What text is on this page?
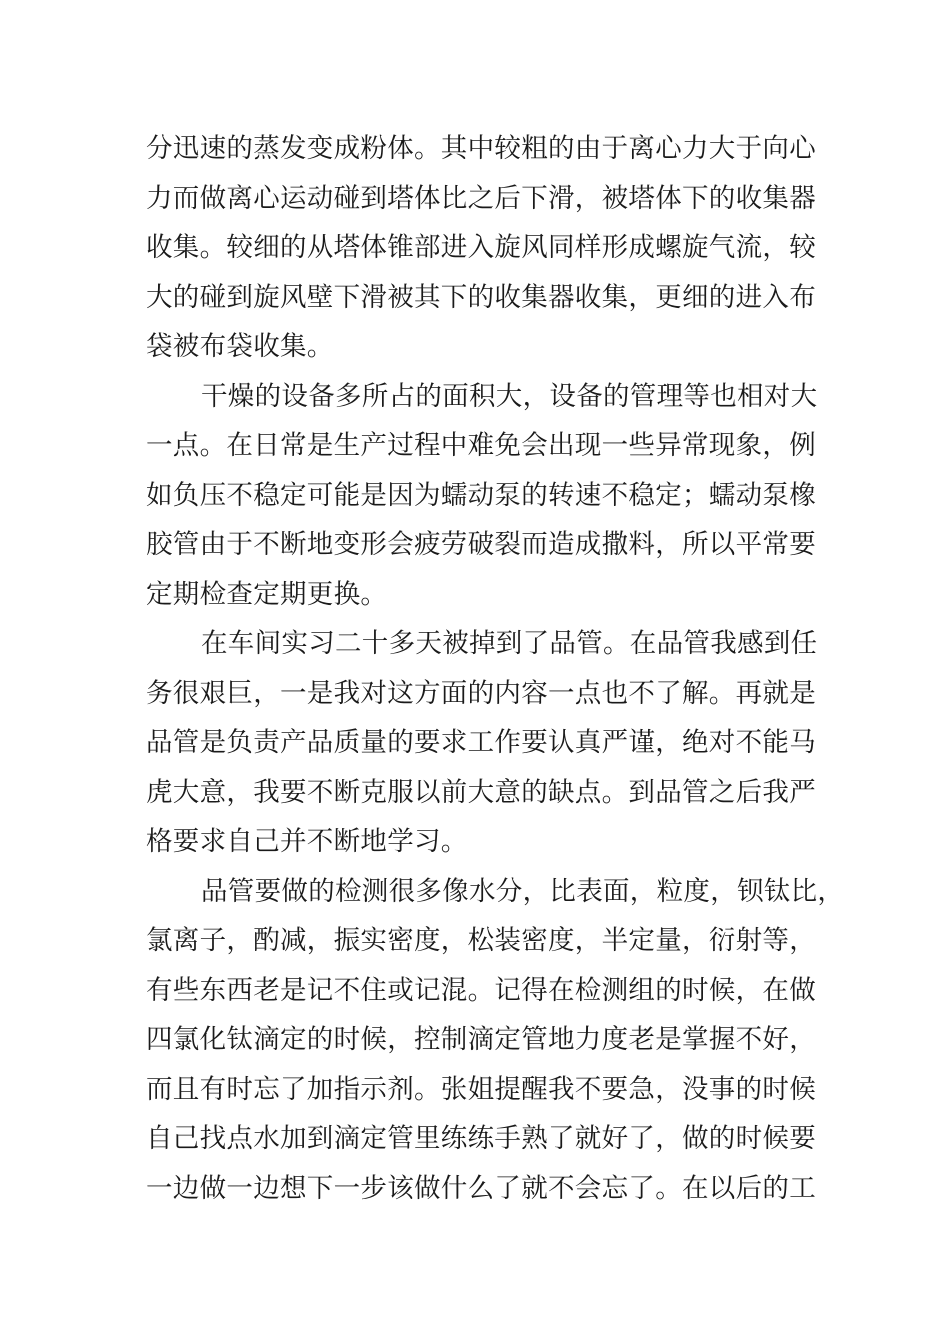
分迅速的蒸发变成粉体。其中较粗的由于离心力大于向心
力而做离心运动碰到塔体比之后下滑，被塔体下的收集器
收集。较细的从塔体锥部进入旋风同样形成螺旋气流，较
大的碰到旋风壁下滑被其下的收集器收集，更细的进入布
袋被布袋收集。
干燥的设备多所占的面积大，设备的管理等也相对大
一点。在日常是生产过程中难免会出现一些异常现象，例
如负压不稳定可能是因为蠕动泵的转速不稳定；蠕动泵橡
胶管由于不断地变形会疲劳破裂而造成撒料，所以平常要
定期检查定期更换。
在车间实习二十多天被掉到了品管。在品管我感到任
务很艰巨，一是我对这方面的内容一点也不了解。再就是
品管是负责产品质量的要求工作要认真严谨，绝对不能马
虎大意，我要不断克服以前大意的缺点。到品管之后我严
格要求自己并不断地学习。
品管要做的检测很多像水分，比表面，粒度，钡钛比，
氯离子，酌减，振实密度，松装密度，半定量，衍射等，
有些东西老是记不住或记混。记得在检测组的时候，在做
四氯化钛滴定的时候，控制滴定管地力度老是掌握不好，
而且有时忘了加指示剂。张姐提醒我不要急，没事的时候
自己找点水加到滴定管里练练手熟了就好了，做的时候要
一边做一边想下一步该做什么了就不会忘了。在以后的工
